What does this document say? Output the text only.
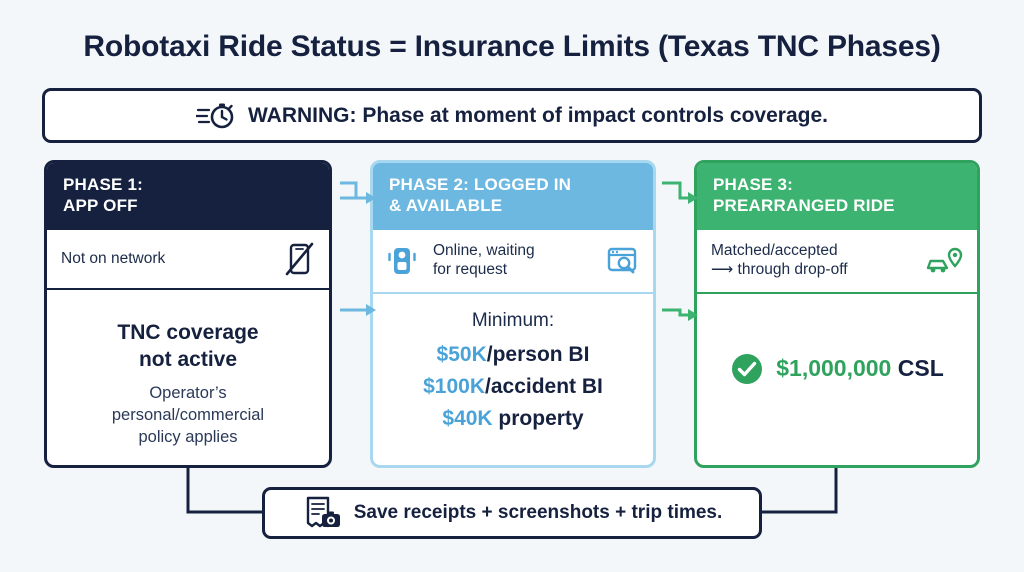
Robotaxi Ride Status = Insurance Limits (Texas TNC Phases)
WARNING: Phase at moment of impact controls coverage.
PHASE 1:
APP OFF
Not on network
TNC coverage
not active
Operator’s
personal/commercial
policy applies
PHASE 2: LOGGED IN
& AVAILABLE
Online, waiting
for request
Minimum:
$50K/person BI
$100K/accident BI
$40K property
PHASE 3:
PREARRANGED RIDE
Matched/accepted
⟶ through drop-off
$1,000,000 CSL
Save receipts + screenshots + trip times.
